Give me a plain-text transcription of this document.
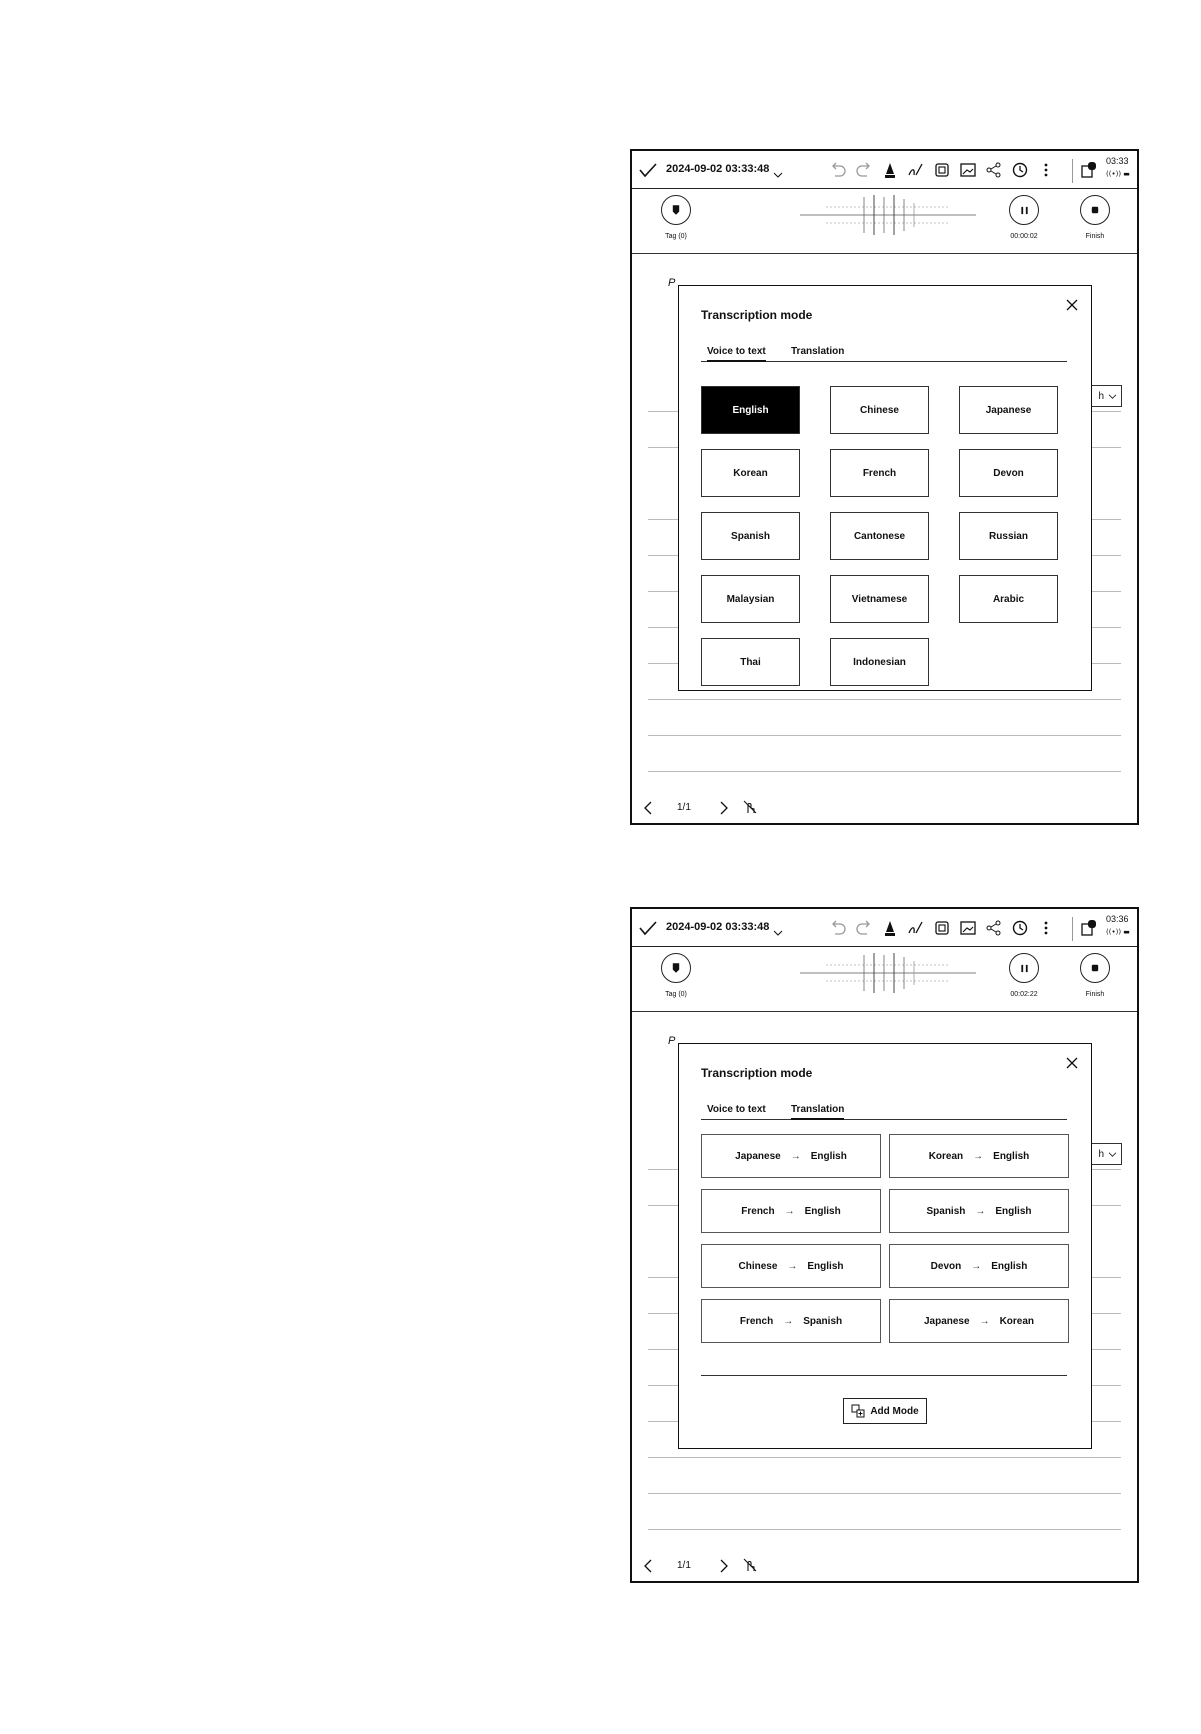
2024-09-02 03:33:48
03:33
((•)) ▬
Tag (0)	00:00:02	Finish
P
h
Transcription mode
Voice to text	Translation
English	Chinese	Japanese
Korean	French	Devon
Spanish	Cantonese	Russian
Malaysian	Vietnamese	Arabic
Thai	Indonesian
1/1
2024-09-02 03:33:48
03:36
((•)) ▬
Tag (0)	00:02:22	Finish
P
h
Transcription mode
Voice to text	Translation
Japanese → English	Korean → English
French → English	Spanish → English
Chinese → English	Devon → English
French → Spanish	Japanese → Korean
Add Mode
1/1
